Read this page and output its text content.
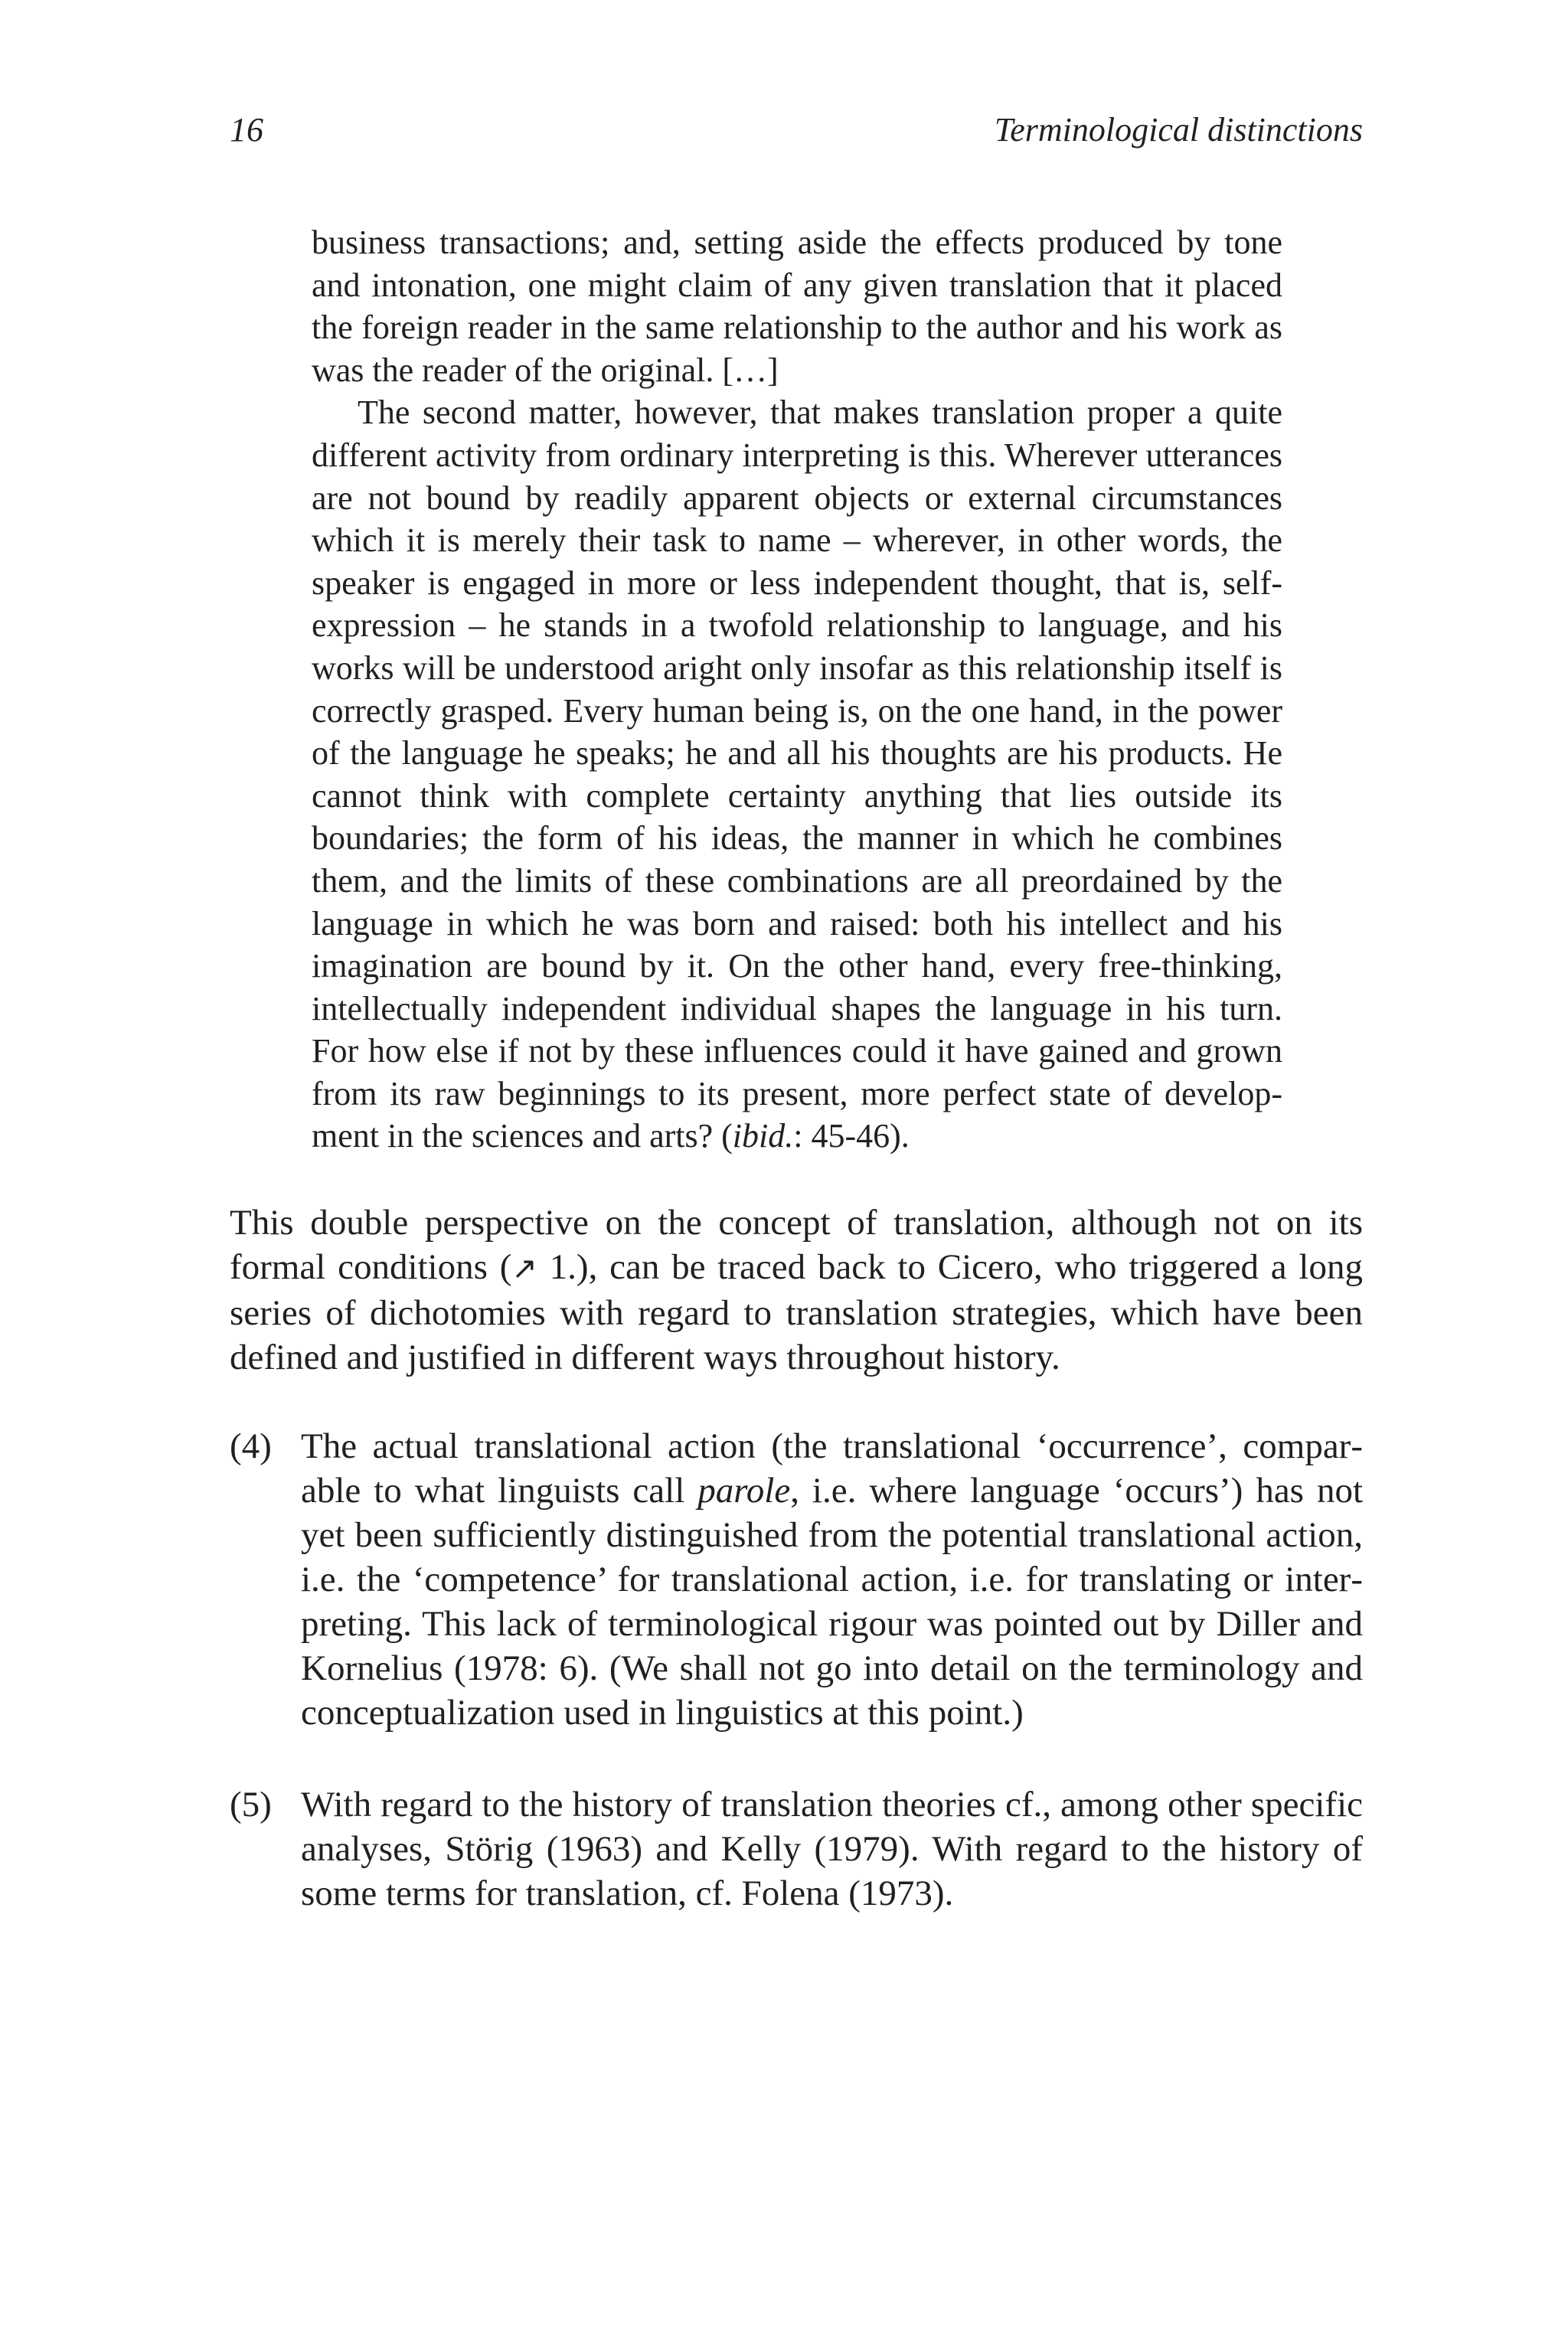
16	Terminological distinctions

business transactions; and, setting aside the effects produced by tone and intonation, one might claim of any given translation that it placed the foreign reader in the same relationship to the author and his work as was the reader of the original. […]

The second matter, however, that makes translation proper a quite different activity from ordinary interpreting is this. Wherever utterances are not bound by readily apparent objects or external circumstances which it is merely their task to name – wherever, in other words, the speaker is engaged in more or less independent thought, that is, self-expression – he stands in a twofold relationship to language, and his works will be understood aright only insofar as this relationship itself is correctly grasped. Every human being is, on the one hand, in the power of the language he speaks; he and all his thoughts are his products. He cannot think with complete certainty anything that lies outside its boundaries; the form of his ideas, the manner in which he combines them, and the limits of these combinations are all preordained by the language in which he was born and raised: both his intellect and his imagination are bound by it. On the other hand, every free-thinking, intellectually independent individual shapes the language in his turn. For how else if not by these influences could it have gained and grown from its raw beginnings to its present, more perfect state of development in the sciences and arts? (ibid.: 45-46).

This double perspective on the concept of translation, although not on its formal conditions (↗ 1.), can be traced back to Cicero, who triggered a long series of dichotomies with regard to translation strategies, which have been defined and justified in different ways throughout history.

(4) The actual translational action (the translational ‘occurrence’, comparable to what linguists call parole, i.e. where language ‘occurs’) has not yet been sufficiently distinguished from the potential translational action, i.e. the ‘competence’ for translational action, i.e. for translating or interpreting. This lack of terminological rigour was pointed out by Diller and Kornelius (1978: 6). (We shall not go into detail on the terminology and conceptualization used in linguistics at this point.)

(5) With regard to the history of translation theories cf., among other specific analyses, Störig (1963) and Kelly (1979). With regard to the history of some terms for translation, cf. Folena (1973).
